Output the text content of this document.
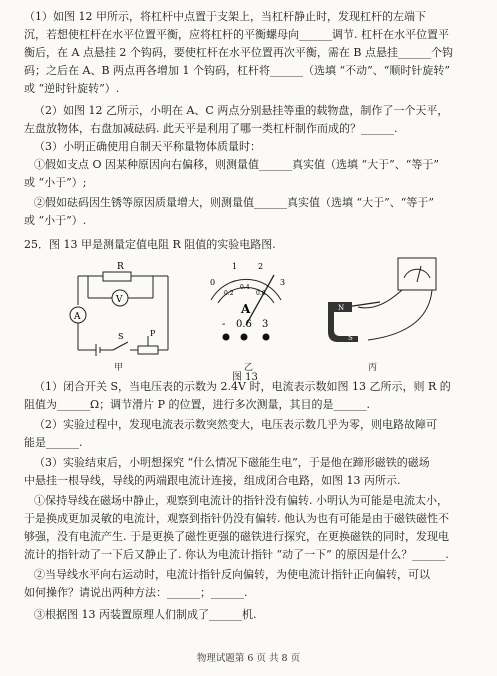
（1）如图 12 甲所示，将杠杆中点置于支架上，当杠杆静止时，发现杠杆的左端下
沉，若想使杠杆在水平位置平衡，应将杠杆的平衡螺母向______调节. 杠杆在水平位置平
衡后，在 A 点悬挂 2 个钩码，要使杠杆在水平位置再次平衡，需在 B 点悬挂______个钩
码；之后在 A、B 两点再各增加 1 个钩码，杠杆将______（选填 “不动”、“顺时针旋转”
或 “逆时针旋转”）.
（2）如图 12 乙所示，小明在 A、C 两点分别悬挂等重的载物盘，制作了一个天平，
左盘放物体，右盘加减砝码. 此天平是利用了哪一类杠杆制作而成的？______.
（3）小明正确使用自制天平称量物体质量时：
①假如支点 O 因某种原因向右偏移，则测量值______真实值（选填 “大于”、“等于”
或 “小于”）;
②假如砝码因生锈等原因质量增大，则测量值______真实值（选填 “大于”、“等于”
或 “小于”）.
25．图 13 甲是测量定值电阻 R 阻值的实验电路图.
（1）闭合开关 S，当电压表的示数为 2.4V 时，电流表示数如图 13 乙所示，则 R 的
阻值为______Ω；调节滑片 P 的位置，进行多次测量，其目的是______.
（2）实验过程中，发现电流表示数突然变大，电压表示数几乎为零，则电路故障可
能是______.
（3）实验结束后，小明想探究 “什么情况下磁能生电”，于是他在蹄形磁铁的磁场
中悬挂一根导线，导线的两端跟电流计连接，组成闭合电路，如图 13 丙所示.
①保持导线在磁场中静止，观察到电流计的指针没有偏转. 小明认为可能是电流太小，
于是换成更加灵敏的电流计，观察到指针仍没有偏转. 他认为也有可能是由于磁铁磁性不
够强，没有电流产生. 于是更换了磁性更强的磁铁进行探究，在更换磁铁的同时，发现电
流计的指针动了一下后又静止了. 你认为电流计指针 “动了一下” 的原因是什么？______.
②当导线水平向右运动时，电流计指针反向偏转，为使电流计指针正向偏转，可以
如何操作？请说出两种方法：______；______.
③根据图 13 丙装置原理人们制成了______机.
R
V
A
S	P
甲
0
1	2
3
0.2
0.4
0.6
A
- 0.6 3
乙
图 13
N
S
丙
物理试题第 6 页 共 8 页
